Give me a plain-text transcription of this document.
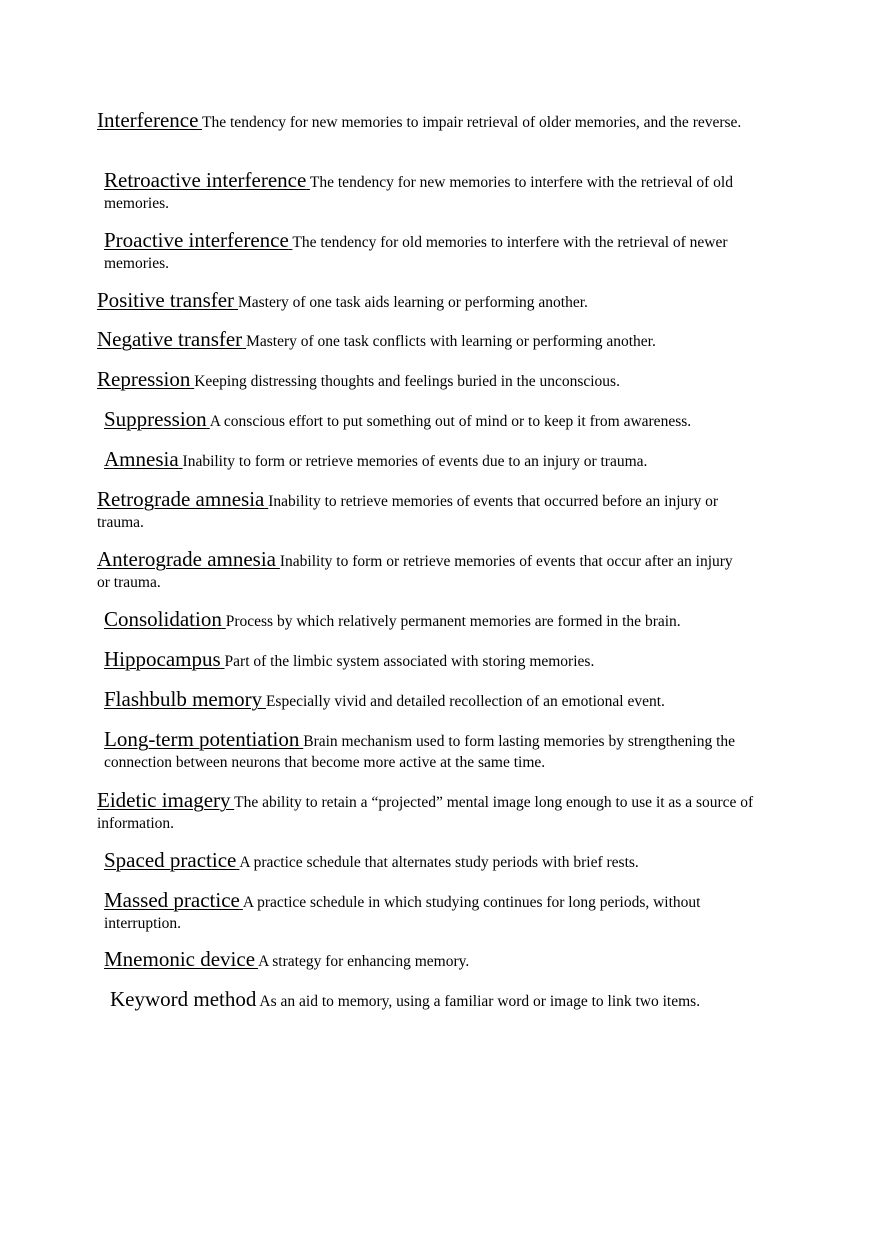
Interference The tendency for new memories to impair retrieval of older memories, and the reverse.

Retroactive interference The tendency for new memories to interfere with the retrieval of old memories.

Proactive interference The tendency for old memories to interfere with the retrieval of newer memories.

Positive transfer Mastery of one task aids learning or performing another.

Negative transfer Mastery of one task conflicts with learning or performing another.

Repression Keeping distressing thoughts and feelings buried in the unconscious.

Suppression A conscious effort to put something out of mind or to keep it from awareness.

Amnesia Inability to form or retrieve memories of events due to an injury or trauma.

Retrograde amnesia Inability to retrieve memories of events that occurred before an injury or trauma.

Anterograde amnesia Inability to form or retrieve memories of events that occur after an injury or trauma.

Consolidation Process by which relatively permanent memories are formed in the brain.

Hippocampus Part of the limbic system associated with storing memories.

Flashbulb memory Especially vivid and detailed recollection of an emotional event.

Long-term potentiation Brain mechanism used to form lasting memories by strengthening the connection between neurons that become more active at the same time.

Eidetic imagery The ability to retain a “projected” mental image long enough to use it as a source of information.

Spaced practice A practice schedule that alternates study periods with brief rests.

Massed practice A practice schedule in which studying continues for long periods, without interruption.

Mnemonic device A strategy for enhancing memory.

Keyword method As an aid to memory, using a familiar word or image to link two items.
